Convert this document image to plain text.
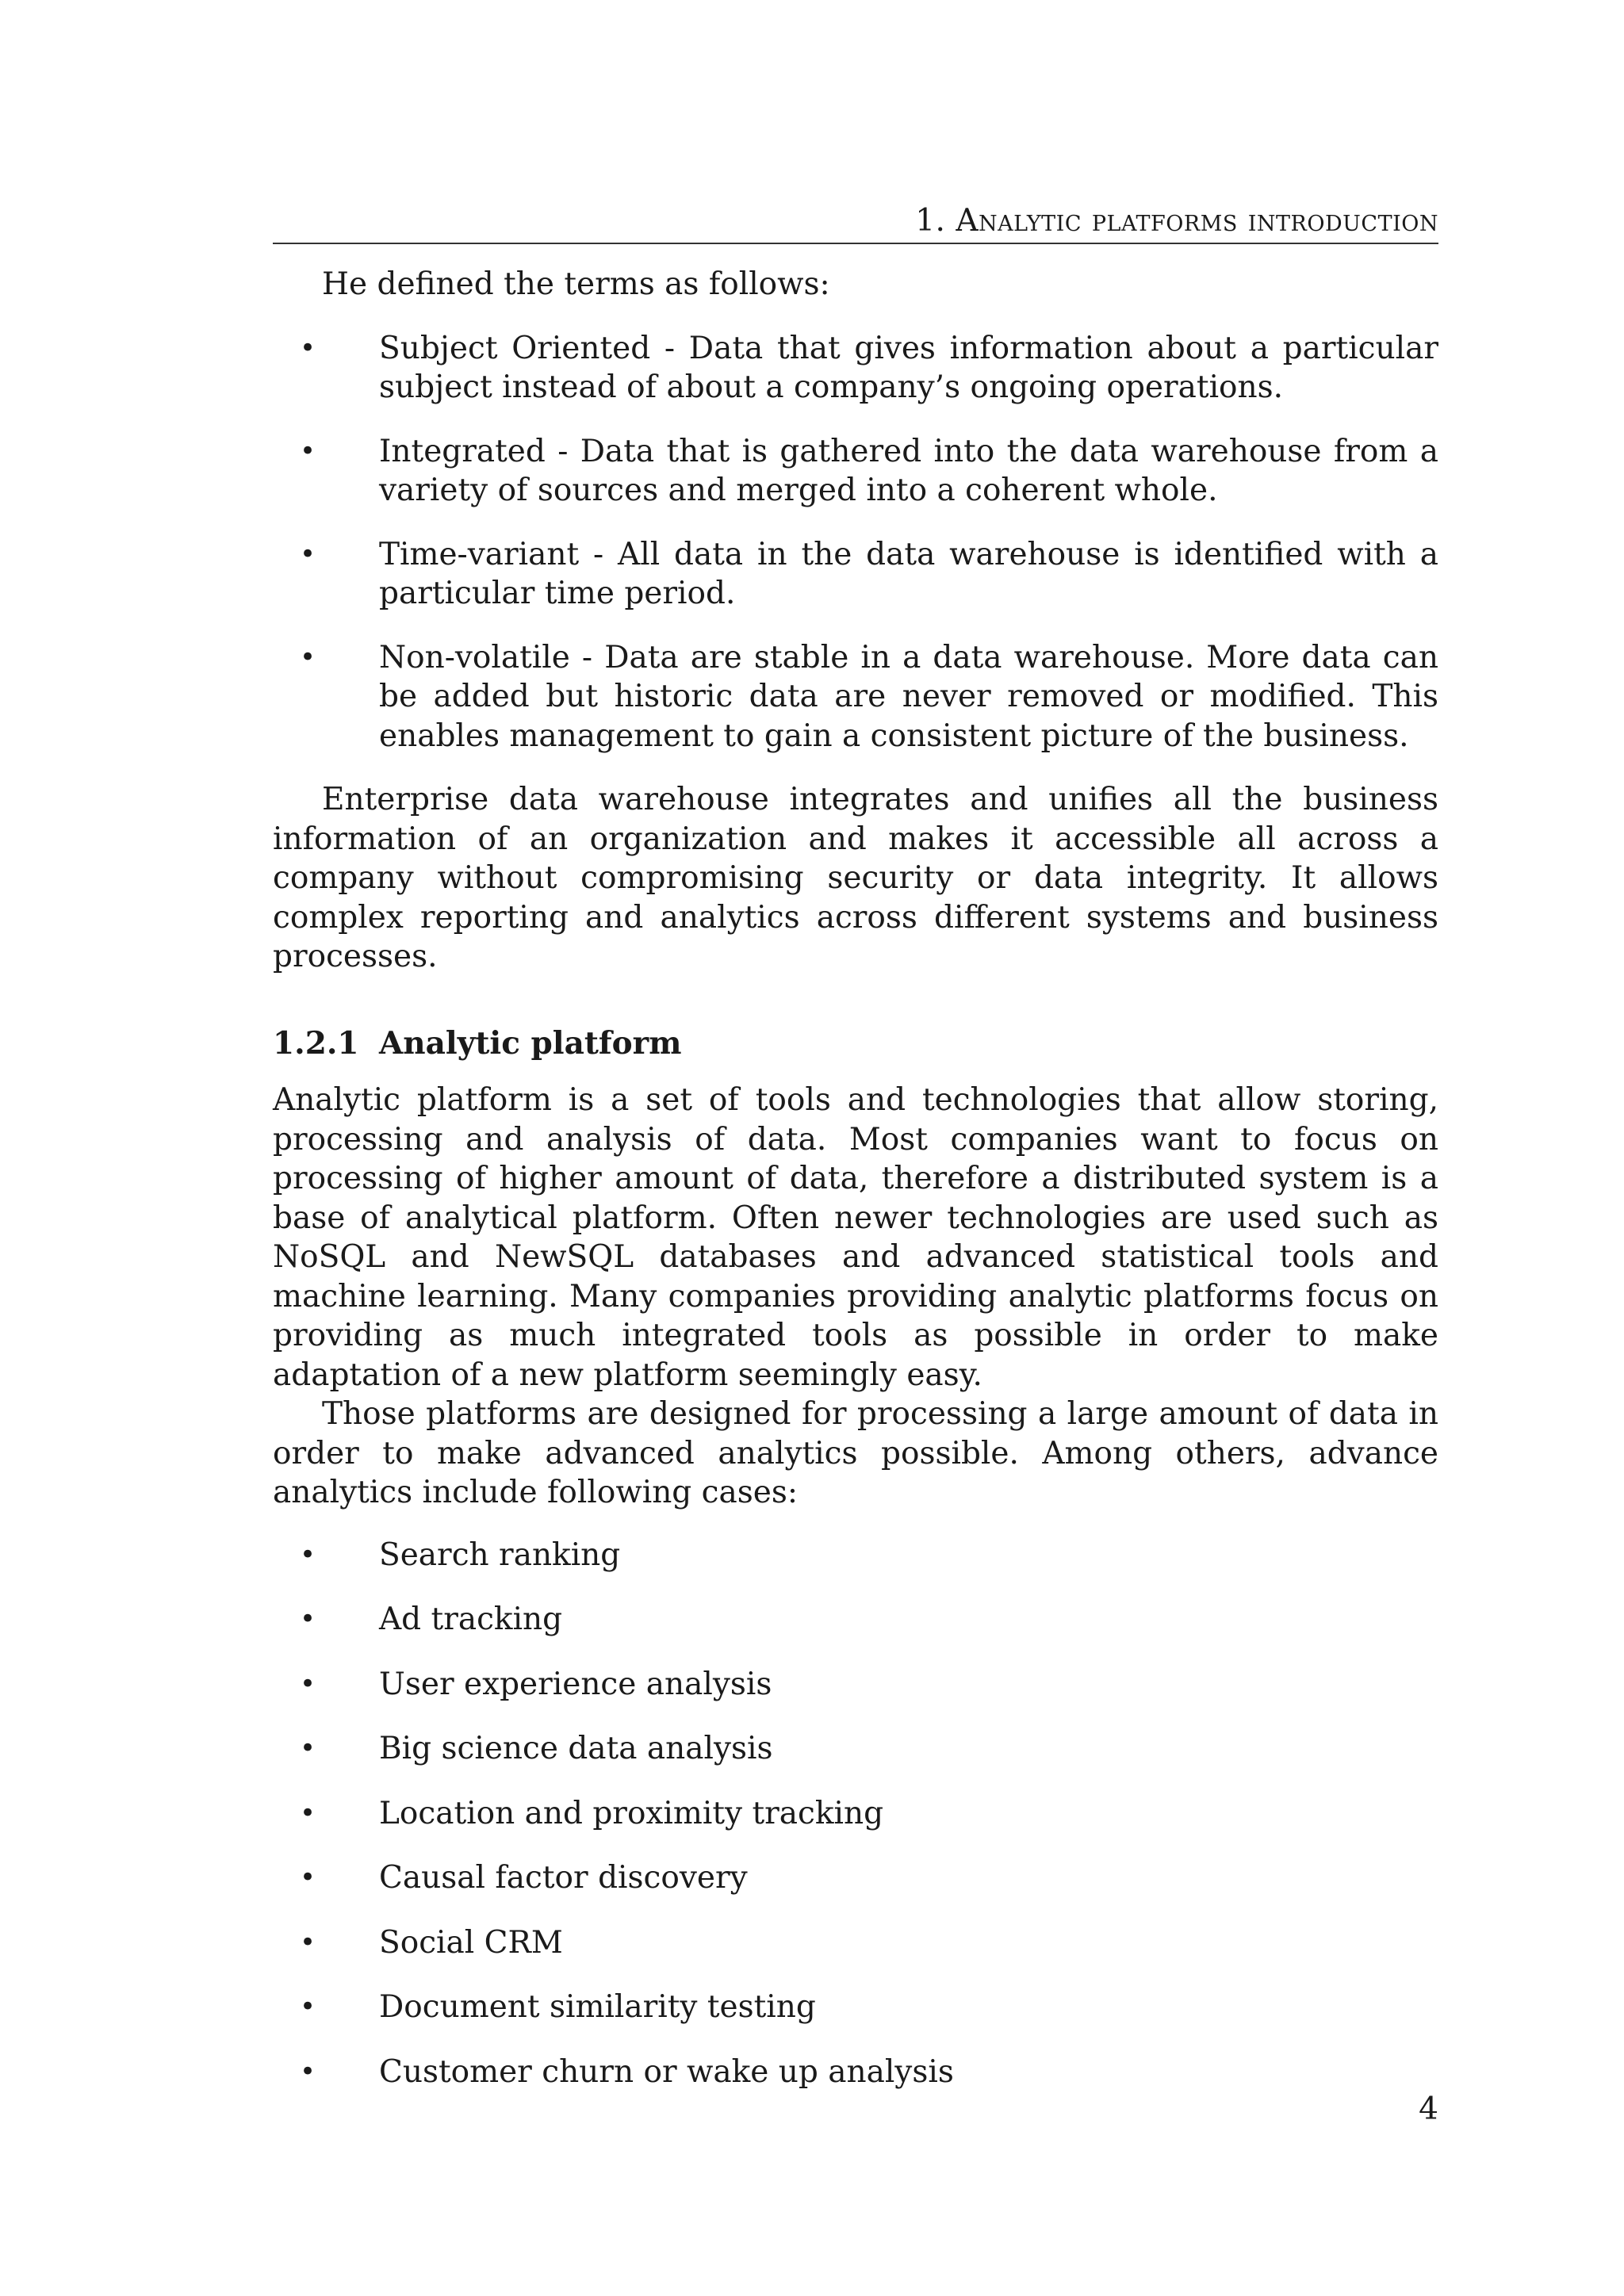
1. Analytic platforms introduction

He defined the terms as follows:

• Subject Oriented - Data that gives information about a particular subject instead of about a company’s ongoing operations.
• Integrated - Data that is gathered into the data warehouse from a variety of sources and merged into a coherent whole.
• Time-variant - All data in the data warehouse is identified with a particular time period.
• Non-volatile - Data are stable in a data warehouse. More data can be added but historic data are never removed or modified. This enables management to gain a consistent picture of the business.

Enterprise data warehouse integrates and unifies all the business information of an organization and makes it accessible all across a company without compromising security or data integrity. It allows complex reporting and analytics across different systems and business processes.

1.2.1 Analytic platform

Analytic platform is a set of tools and technologies that allow storing, processing and analysis of data. Most companies want to focus on processing of higher amount of data, therefore a distributed system is a base of analytical platform. Often newer technologies are used such as NoSQL and NewSQL databases and advanced statistical tools and machine learning. Many companies providing analytic platforms focus on providing as much integrated tools as possible in order to make adaptation of a new platform seemingly easy.

Those platforms are designed for processing a large amount of data in order to make advanced analytics possible. Among others, advance analytics include following cases:

• Search ranking
• Ad tracking
• User experience analysis
• Big science data analysis
• Location and proximity tracking
• Causal factor discovery
• Social CRM
• Document similarity testing
• Customer churn or wake up analysis
4
